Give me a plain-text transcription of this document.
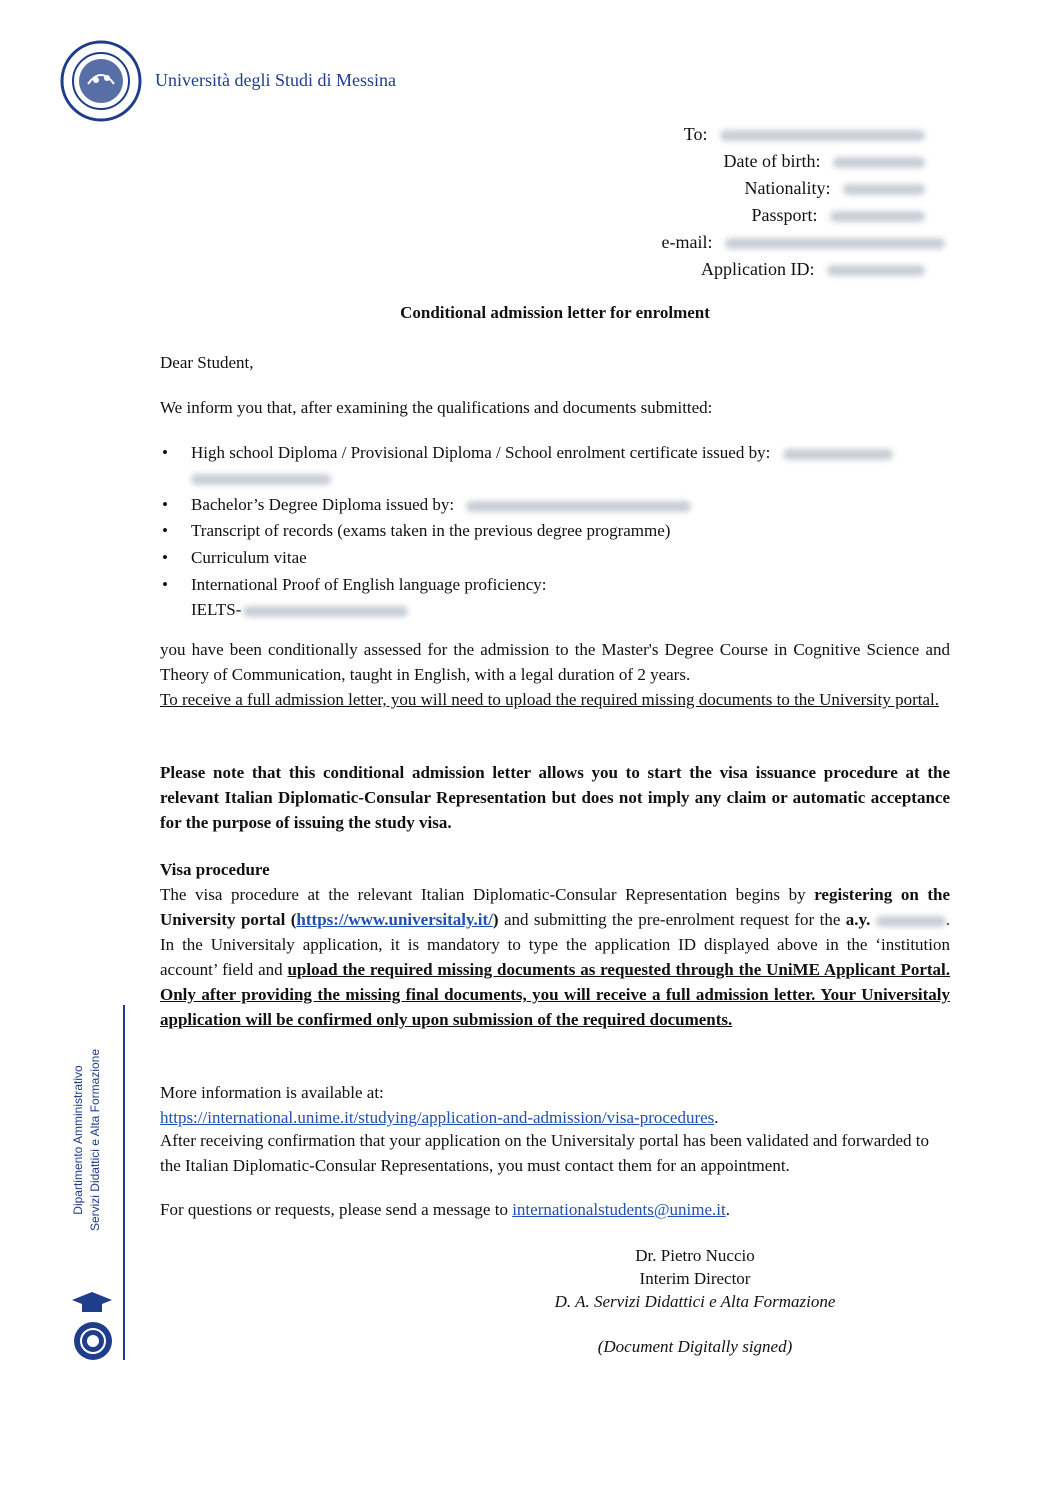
Università degli Studi di Messina
To:
Date of birth:
Nationality:
Passport:
e-mail:
Application ID:
Conditional admission letter for enrolment
Dear Student,
We inform you that, after examining the qualifications and documents submitted:
• High school Diploma / Provisional Diploma / School enrolment certificate issued by:

• Bachelor’s Degree Diploma issued by:
• Transcript of records (exams taken in the previous degree programme)
• Curriculum vitae
• International Proof of English language proficiency:
IELTS-
you have been conditionally assessed for the admission to the Master's Degree Course in Cognitive Science and Theory of Communication, taught in English, with a legal duration of 2 years.
To receive a full admission letter, you will need to upload the required missing documents to the University portal.
Please note that this conditional admission letter allows you to start the visa issuance procedure at the relevant Italian Diplomatic-Consular Representation but does not imply any claim or automatic acceptance for the purpose of issuing the study visa.
Visa procedure
The visa procedure at the relevant Italian Diplomatic-Consular Representation begins by registering on the University portal (https://www.universitaly.it/) and submitting the pre-enrolment request for the a.y.	. In the Universitaly application, it is mandatory to type the application ID displayed above in the ‘institution account’ field and upload the required missing documents as requested through the UniME Applicant Portal. Only after providing the missing final documents, you will receive a full admission letter. Your Universitaly application will be confirmed only upon submission of the required documents.
More information is available at:
https://international.unime.it/studying/application-and-admission/visa-procedures.
After receiving confirmation that your application on the Universitaly portal has been validated and forwarded to the Italian Diplomatic-Consular Representations, you must contact them for an appointment.
For questions or requests, please send a message to internationalstudents@unime.it.
Dr. Pietro Nuccio
Interim Director
D. A. Servizi Didattici e Alta Formazione
(Document Digitally signed)
Dipartimento Amministrativo Servizi Didattici e Alta Formazione
